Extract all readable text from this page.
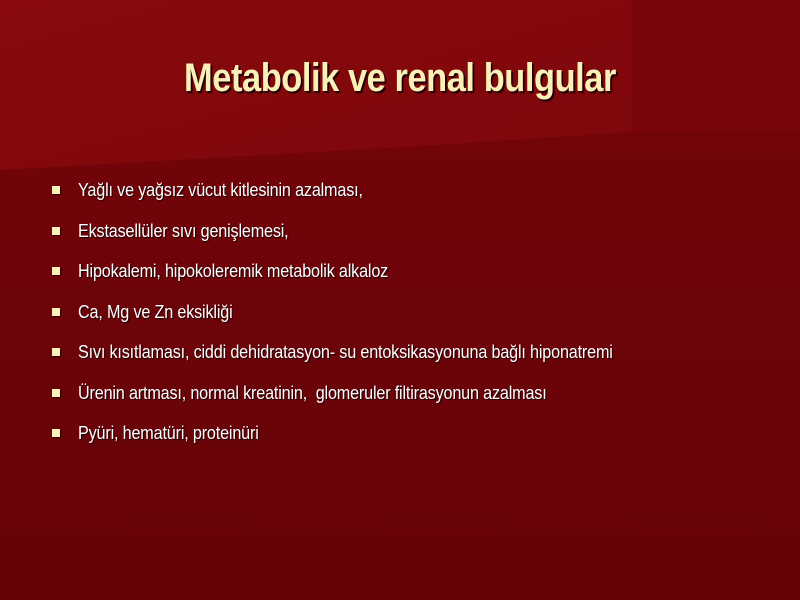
Metabolik ve renal bulgular
Yağlı ve yağsız vücut kitlesinin azalması,
Ekstasellüler sıvı genişlemesi,
Hipokalemi, hipokoleremik metabolik alkaloz
Ca, Mg ve Zn eksikliği
Sıvı kısıtlaması, ciddi dehidratasyon- su entoksikasyonuna bağlı hiponatremi
Ürenin artması, normal kreatinin,  glomeruler filtirasyonun azalması
Pyüri, hematüri, proteinüri
